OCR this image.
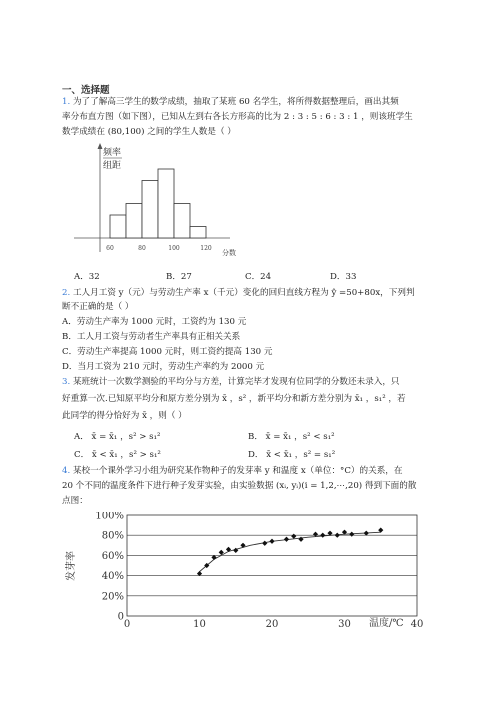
一、选择题
1. 为了了解高三学生的数学成绩，抽取了某班 60 名学生，将所得数据整理后，画出其频
率分布直方图（如下图），已知从左到右各长方形高的比为 2 : 3 : 5 : 6 : 3 : 1 ，则该班学生
数学成绩在 (80,100) 之间的学生人数是（ ）
频率
组距
60	80	100	120
分数
A．32	B．27	C．24	D．33
2. 工人月工资 y（元）与劳动生产率 x（千元）变化的回归直线方程为 ŷ =50+80x，下列判
断不正确的是（ ）
A．劳动生产率为 1000 元时，工资约为 130 元
B．工人月工资与劳动者生产率具有正相关关系
C．劳动生产率提高 1000 元时，则工资约提高 130 元
D．当月工资为 210 元时，劳动生产率约为 2000 元
3. 某班统计一次数学测验的平均分与方差，计算完毕才发现有位同学的分数还未录入，只
好重算一次.已知原平均分和原方差分别为 x̄ ，s² ，新平均分和新方差分别为 x̄₁ ，s₁² ，若
此同学的得分恰好为 x̄ ，则（ ）
A． x̄ = x̄₁ ，s² > s₁²	B． x̄ = x̄₁ ，s² < s₁²
C． x̄ < x̄₁ ，s² > s₁²	D． x̄ < x̄₁ ，s² = s₁²
4. 某校一个课外学习小组为研究某作物种子的发芽率 y 和温度 x（单位：°C）的关系，在
20 个不同的温度条件下进行种子发芽实验，由实验数据 (xᵢ, yᵢ)(i = 1,2,⋯,20) 得到下面的散
点图：
0
20%
40%
60%
80%
100%
0	10	20	30	40
发芽率
温度/℃
